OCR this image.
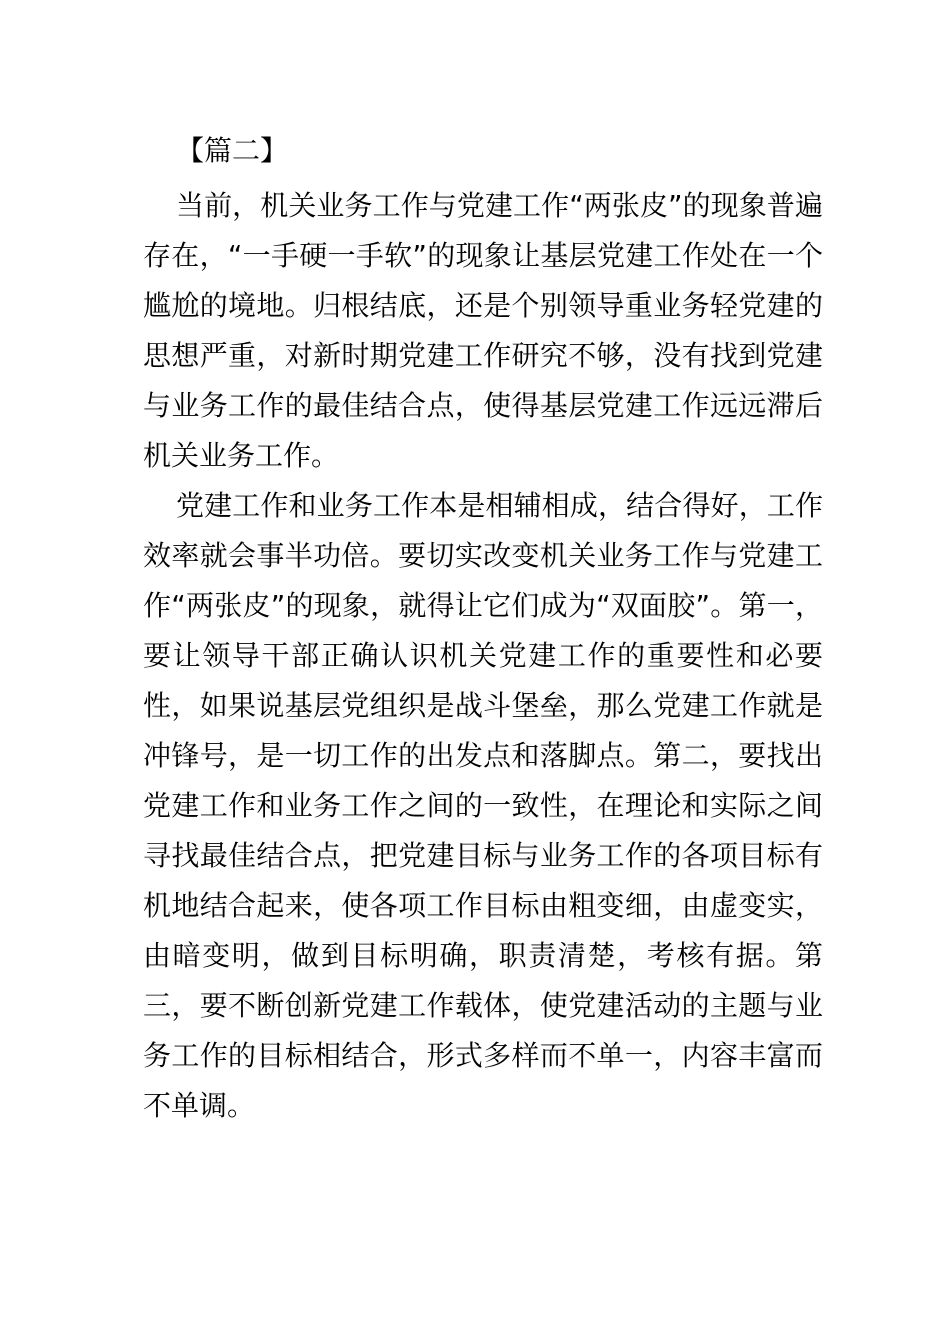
【篇二】

当前，机关业务工作与党建工作“两张皮”的现象普遍存在，“一手硬一手软”的现象让基层党建工作处在一个尴尬的境地。归根结底，还是个别领导重业务轻党建的思想严重，对新时期党建工作研究不够，没有找到党建与业务工作的最佳结合点，使得基层党建工作远远滞后机关业务工作。

党建工作和业务工作本是相辅相成，结合得好，工作效率就会事半功倍。要切实改变机关业务工作与党建工作“两张皮”的现象，就得让它们成为“双面胶”。第一，要让领导干部正确认识机关党建工作的重要性和必要性，如果说基层党组织是战斗堡垒，那么党建工作就是冲锋号，是一切工作的出发点和落脚点。第二，要找出党建工作和业务工作之间的一致性，在理论和实际之间寻找最佳结合点，把党建目标与业务工作的各项目标有机地结合起来，使各项工作目标由粗变细，由虚变实，由暗变明，做到目标明确，职责清楚，考核有据。第三，要不断创新党建工作载体，使党建活动的主题与业务工作的目标相结合，形式多样而不单一，内容丰富而不单调。
